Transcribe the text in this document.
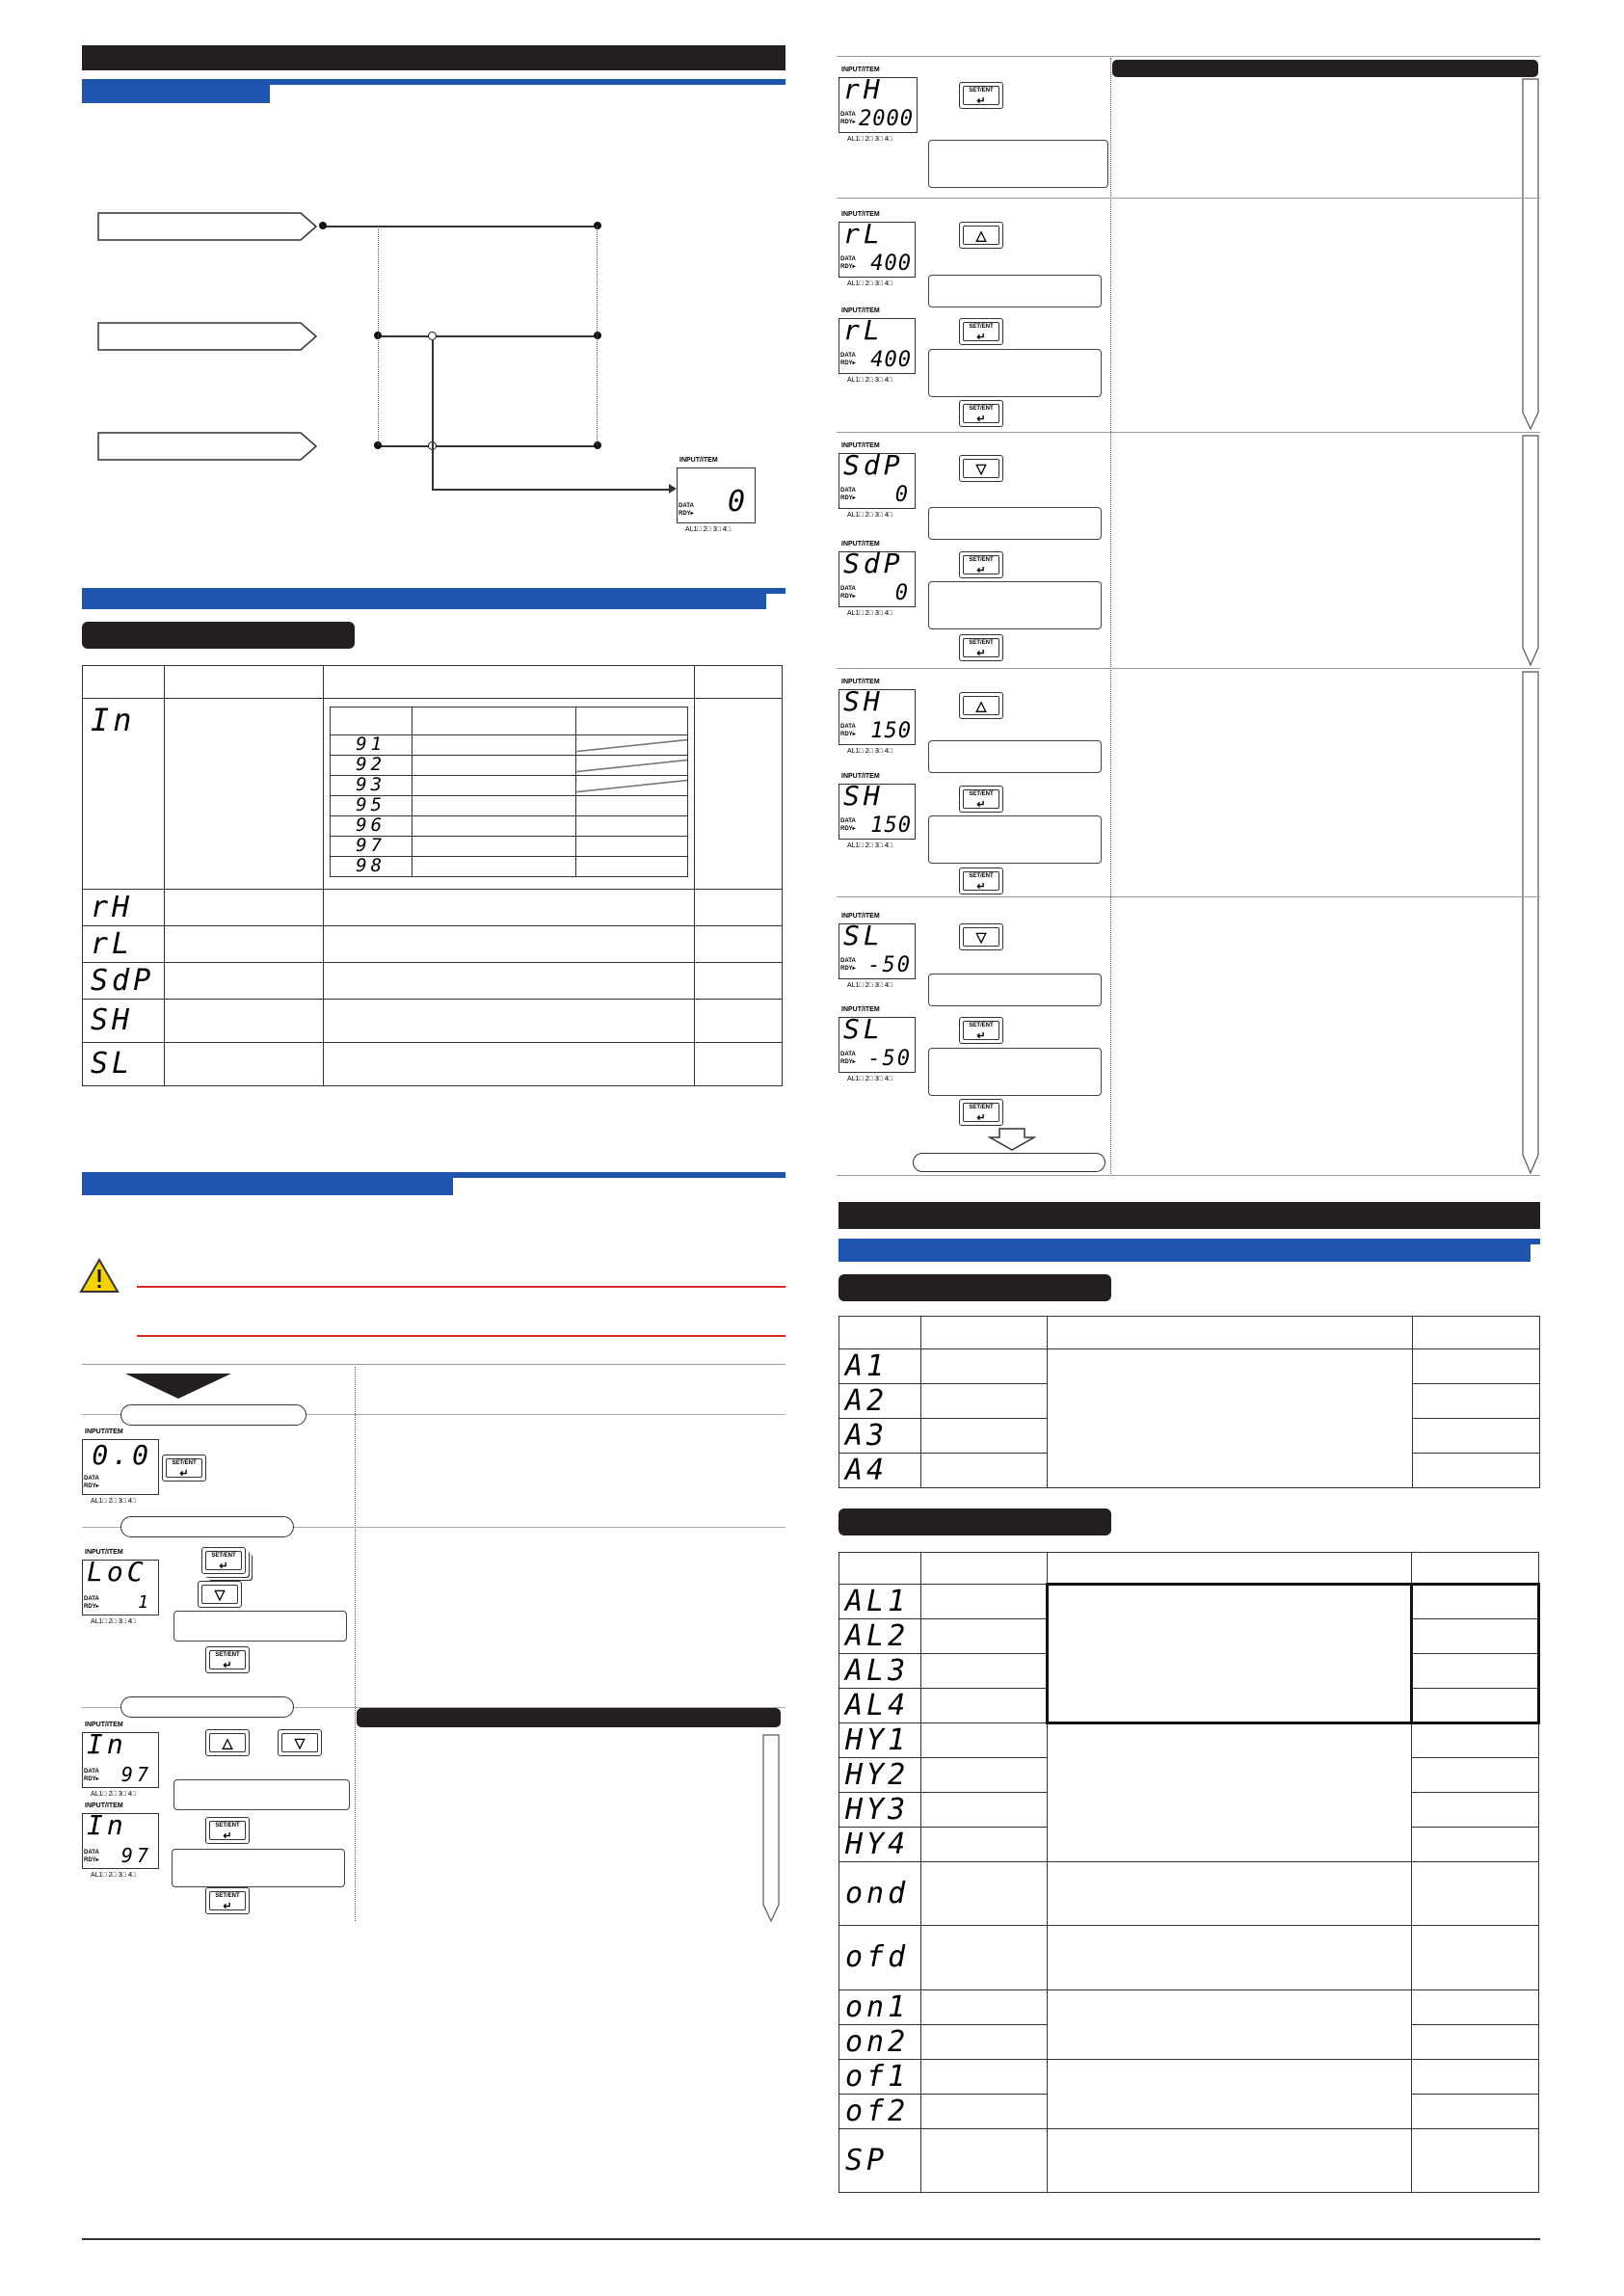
INPUT/ITEM
DATA
RDY▸ 0
AL1□ 2□ 3□ 4□

In		

91		
92		
93		
95		
96		
97		
98		

rH			
rL			
SdP			
SH			
SL			
INPUT/ITEM
DATA
RDY▸
0.0
AL1□ 2□ 3□ 4□
SET/ENT
↵
INPUT/ITEM
LoC
DATA
RDY▸ 1
AL1□ 2□ 3□ 4□
SET/ENT
↵
▽
SET/ENT
↵
INPUT/ITEM
In
DATA
RDY▸ 97
AL1□ 2□ 3□ 4□
△	▽
INPUT/ITEM
In
DATA
RDY▸ 97
AL1□ 2□ 3□ 4□
SET/ENT
↵
SET/ENT
↵
INPUT/ITEM
rH
DATA
RDY▸ 2000
AL1□ 2□ 3□ 4□
SET/ENT
↵
INPUT/ITEM
rL
DATA
RDY▸ 400
AL1□ 2□ 3□ 4□
△
INPUT/ITEM
rL
DATA
RDY▸ 400
AL1□ 2□ 3□ 4□
SET/ENT
↵
SET/ENT
↵
INPUT/ITEM
SdP
DATA
RDY▸ 0
AL1□ 2□ 3□ 4□
▽
INPUT/ITEM
SdP
DATA
RDY▸ 0
AL1□ 2□ 3□ 4□
SET/ENT
↵
SET/ENT
↵
INPUT/ITEM
SH
DATA
RDY▸ 150
AL1□ 2□ 3□ 4□
△
INPUT/ITEM
SH
DATA
RDY▸ 150
AL1□ 2□ 3□ 4□
SET/ENT
↵
SET/ENT
↵
INPUT/ITEM
SL
DATA
RDY▸ -50
AL1□ 2□ 3□ 4□
▽
INPUT/ITEM
SL
DATA
RDY▸ -50
AL1□ 2□ 3□ 4□
SET/ENT
↵
SET/ENT
↵

A1			
A2			
A3			
A4			

AL1			
AL2			
AL3			
AL4			
HY1			
HY2			
HY3			
HY4			
ond			
ofd			
on1			
on2			
of1			
of2			
SP			
